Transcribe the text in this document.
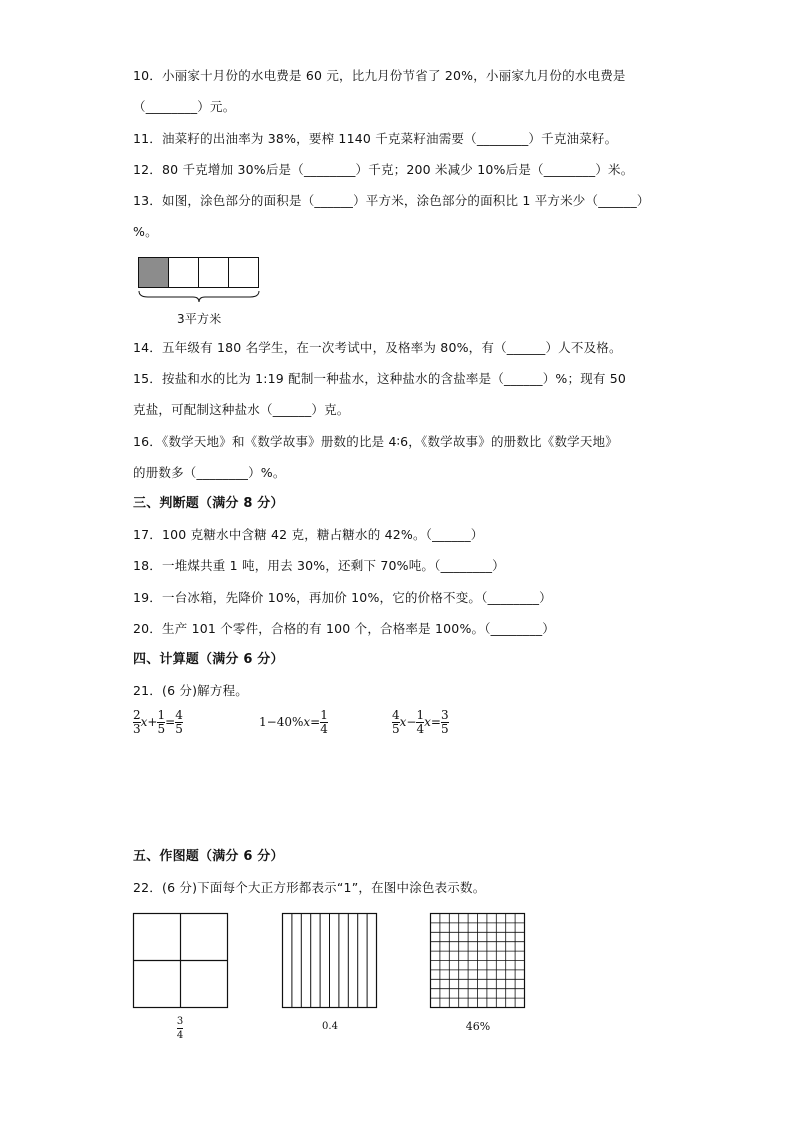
10．小丽家十月份的水电费是 60 元，比九月份节省了 20%，小丽家九月份的水电费是
（________）元。
11．油菜籽的出油率为 38%，要榨 1140 千克菜籽油需要（________）千克油菜籽。
12．80 千克增加 30%后是（________）千克；200 米减少 10%后是（________）米。
13．如图，涂色部分的面积是（______）平方米，涂色部分的面积比 1 平方米少（______）
%。
3平方米
14．五年级有 180 名学生，在一次考试中，及格率为 80%，有（______）人不及格。
15．按盐和水的比为 1:19 配制一种盐水，这种盐水的含盐率是（______）%；现有 50
克盐，可配制这种盐水（______）克。
16．《数学天地》和《数学故事》册数的比是 4∶6，《数学故事》的册数比《数学天地》
的册数多（________）%。
三、判断题（满分 8 分）
17．100 克糖水中含糖 42 克，糖占糖水的 42%。（______）
18．一堆煤共重 1 吨，用去 30%，还剩下 70%吨。（________）
19．一台冰箱，先降价 10%，再加价 10%，它的价格不变。（________）
20．生产 101 个零件，合格的有 100 个，合格率是 100%。（________）
四、计算题（满分 6 分）
21．(6 分)解方程。
$\frac{2}{3} x+ \frac{1}{5} = \frac{4}{5}$	$1-40\%x= \frac{1}{4}$	$\frac{4}{5} x- \frac{1}{4} x= \frac{3}{5}$
五、作图题（满分 6 分）
22．(6 分)下面每个大正方形都表示“1”，在图中涂色表示数。
$\frac{3}{4}$	0.4	46%
